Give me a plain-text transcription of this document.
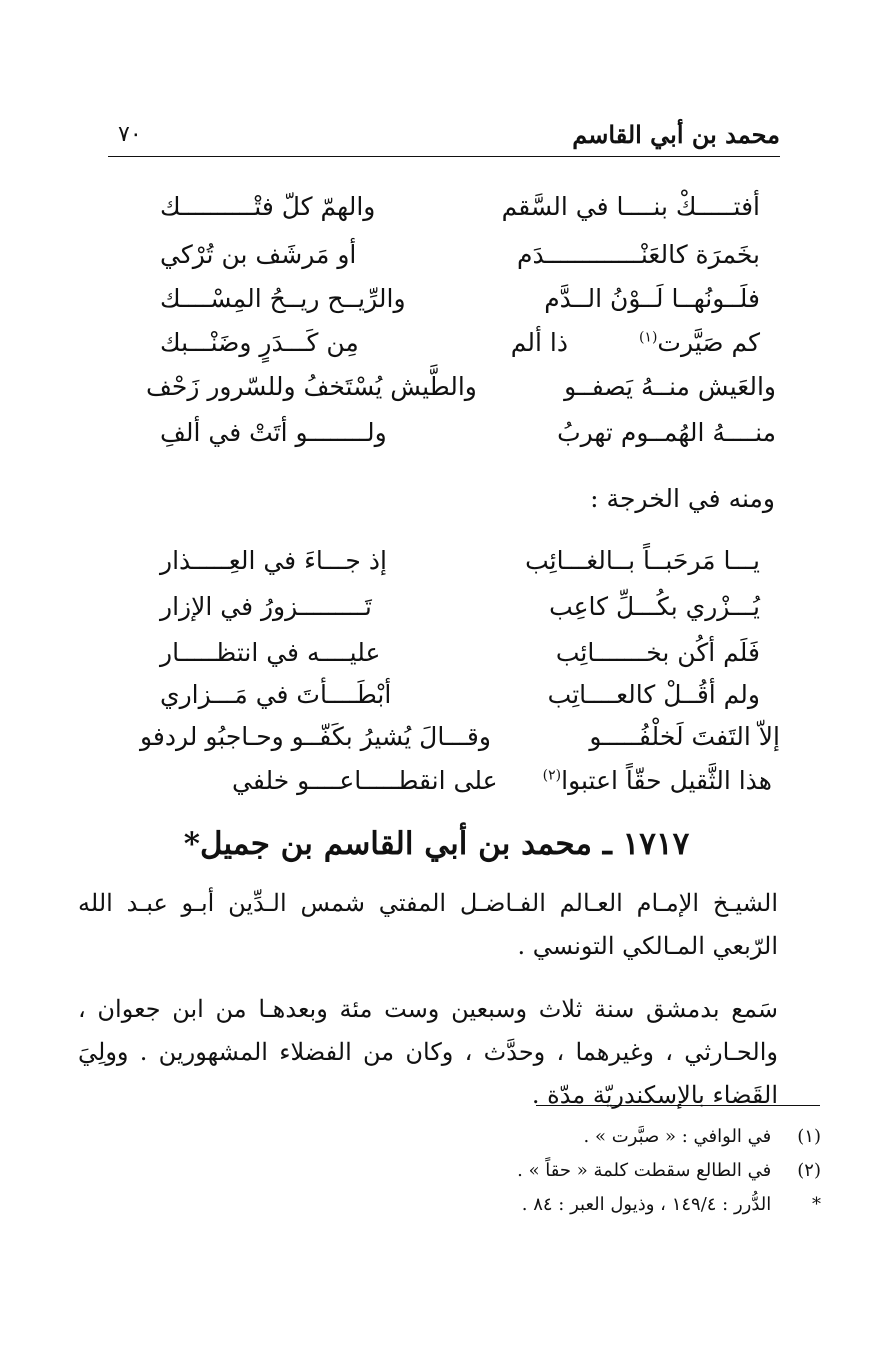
محمد بن أبي القاسم
٧٠
أفتـــــكْ بنــــا في السَّقم
والهمّ كلّ فتْــــــــــك
بخَمرَة كالعَنْـــــــــــــدَم
أو مَرشَف بن تُرْكي
فلَــونُهــا لَــوْنُ الــدَّم
والرِّيــح ريــحُ المِسْــــك
كم صَيَّرت$^{(١)}$
ذا ألم
مِن كَـــدَرٍ وضَنْـــبك
والعَيش منــهُ يَصفــو
والطَّيش يُسْتَخفُ وللسّرور زَحْف
منــــهُ الهُمــوم تهربُ
ولــــــــو أتَتْ في ألفِ
ومنه في الخرجة :
يـــا مَرحَبــاً بــالغـــائِب
إذ جـــاءَ في العِـــــذار
يُـــزْري بكُـــلِّ كاعِب
تَـــــــــزورُ في الإزار
فَلَم أكُن بخـــــــائِب
عليــــه في انتظـــــار
ولم أقُــلْ كالعــــاتِب
أبْطَــــأتَ في مَـــزاري
إلاّ التَفتَ لَخلْفُـــــو
وقـــالَ يُشيرُ بكَفّــو وحـاجبُو لردفو
هذا الثَّقيل حقّاً اعتبوا$^{(٢)}$
على انقطـــــاعــــو خلفي
١٧١٧ ـ محمد بن أبي القاسم بن جميل*
الشيـخ الإمـام العـالم الفـاضـل المفتي شمس الـدِّين أبـو عبـد الله الرّبعي المـالكي التونسي .
سَمع بدمشق سنة ثلاث وسبعين وست مئة وبعدهـا من ابن جعوان ، والحـارثي ، وغيرهما ، وحدَّث ، وكان من الفضلاء المشهورين . وولِيَ القَضاء بالإسكندريّة مدّة .
(١) في الوافي : « صبَّرت » .
(٢) في الطالع سقطت كلمة « حقاً » .
* الدُّرر : ١٤٩/٤ ، وذيول العبر : ٨٤ .
